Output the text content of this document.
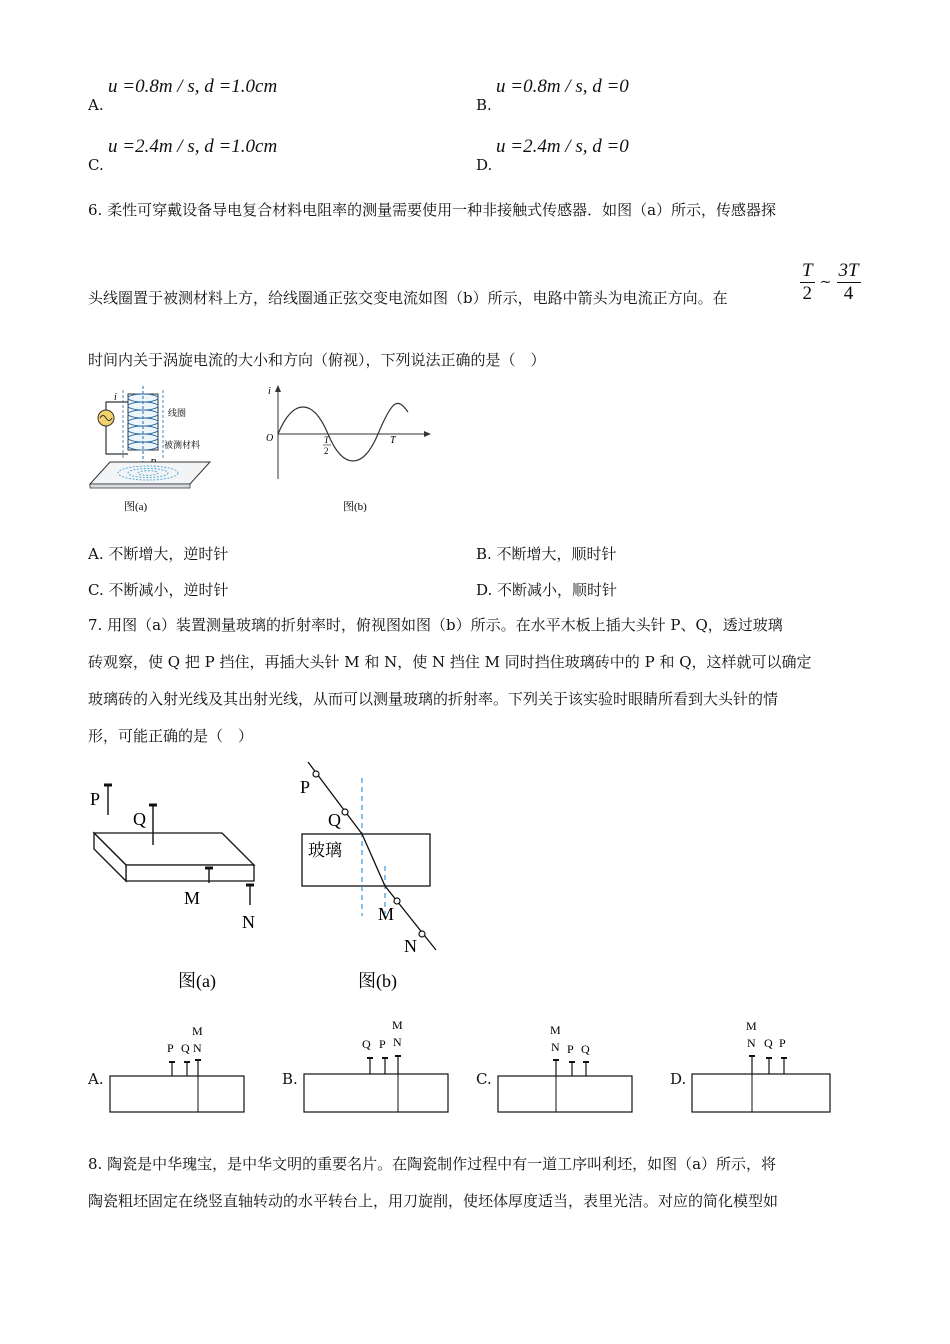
A.
u =0.8m / s, d =1.0cm
B.
u =0.8m / s, d =0
C.
u =2.4m / s, d =1.0cm
D.
u =2.4m / s, d =0
6. 柔性可穿戴设备导电复合材料电阻率的测量需要使用一种非接触式传感器．如图（a）所示，传感器探
头线圈置于被测材料上方，给线圈通正弦交变电流如图（b）所示，电路中箭头为电流正方向。在	$\frac{T}{2}$ ~ $\frac{3T}{4}$
时间内关于涡旋电流的大小和方向（俯视），下列说法正确的是（　）
i
线圈
被测材料
图(a)
i
O	T
2
T
图(b)
A. 不断增大，逆时针	B. 不断增大，顺时针
C. 不断减小，逆时针	D. 不断减小，顺时针
7. 用图（a）装置测量玻璃的折射率时，俯视图如图（b）所示。在水平木板上插大头针 P、Q，透过玻璃
砖观察，使 Q 把 P 挡住，再插大头针 M 和 N，使 N 挡住 M 同时挡住玻璃砖中的 P 和 Q，这样就可以确定
玻璃砖的入射光线及其出射光线，从而可以测量玻璃的折射率。下列关于该实验时眼睛所看到大头针的情
形，可能正确的是（　）
P
Q
M
N
图(a)
P
Q
玻璃
M
N
图(b)
A.
P Q N
M
B.
Q P N
M
C.
N P Q
M
D.
N Q P
M
8. 陶瓷是中华瑰宝，是中华文明的重要名片。在陶瓷制作过程中有一道工序叫利坯，如图（a）所示，将
陶瓷粗坯固定在绕竖直轴转动的水平转台上，用刀旋削，使坯体厚度适当，表里光洁。对应的简化模型如
